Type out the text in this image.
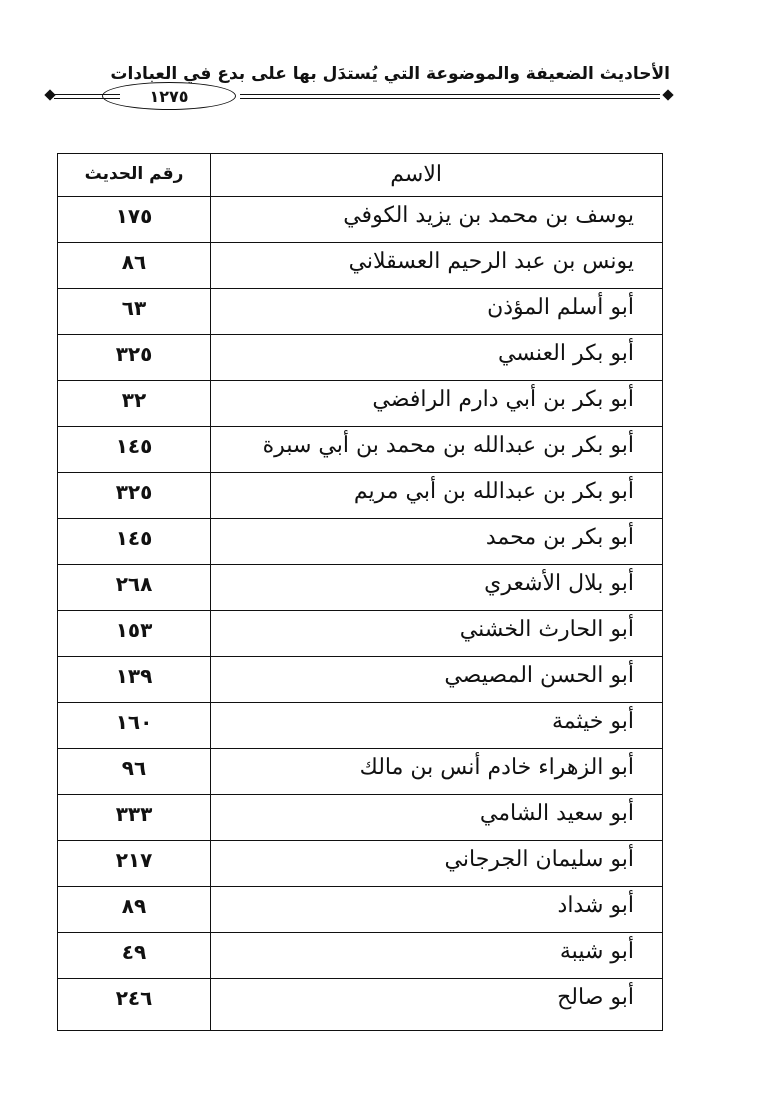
الأحاديث الضعيفة والموضوعة التي يُستدَل بها على بدع في العبادات
١٢٧٥
الاسم
رقم الحديث
يوسف بن محمد بن يزيد الكوفي
١٧٥
يونس بن عبد الرحيم العسقلاني
٨٦
أبو أسلم المؤذن
٦٣
أبو بكر العنسي
٣٢٥
أبو بكر بن أبي دارم الرافضي
٣٢
أبو بكر بن عبدالله بن محمد بن أبي سبرة
١٤٥
أبو بكر بن عبدالله بن أبي مريم
٣٢٥
أبو بكر بن محمد
١٤٥
أبو بلال الأشعري
٢٦٨
أبو الحارث الخشني
١٥٣
أبو الحسن المصيصي
١٣٩
أبو خيثمة
١٦٠
أبو الزهراء خادم أنس بن مالك
٩٦
أبو سعيد الشامي
٣٣٣
أبو سليمان الجرجاني
٢١٧
أبو شداد
٨٩
أبو شيبة
٤٩
أبو صالح
٢٤٦
